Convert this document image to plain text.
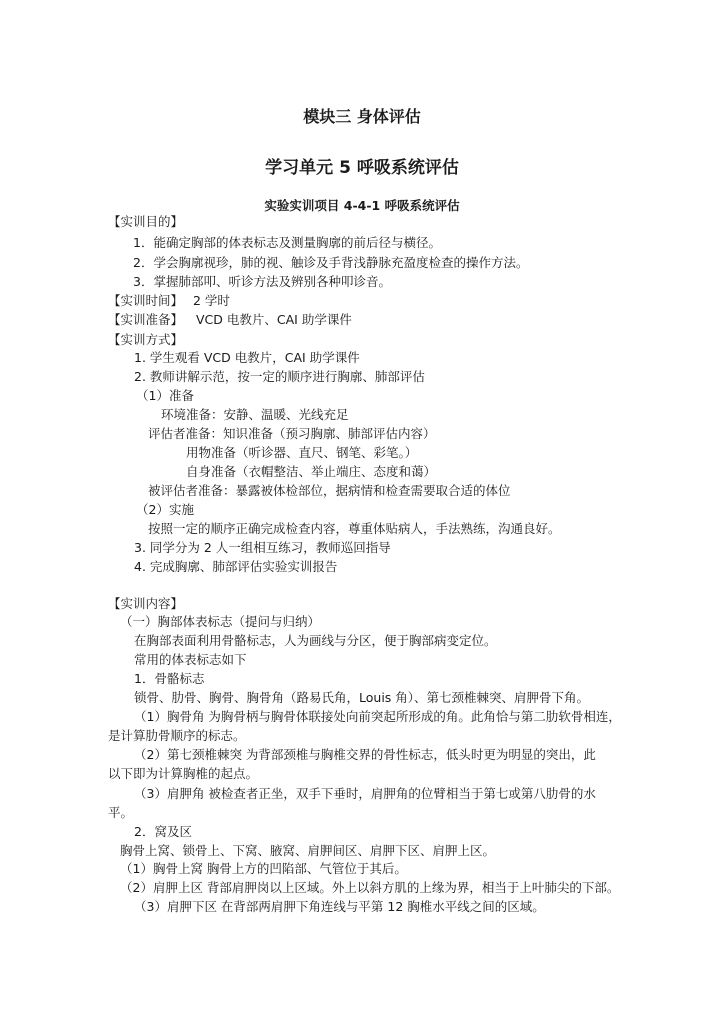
模块三 身体评估
学习单元 5 呼吸系统评估
实验实训项目 4-4-1 呼吸系统评估
【实训目的】
1．能确定胸部的体表标志及测量胸廓的前后径与横径。
2．学会胸廓视珍，肺的视、触诊及手背浅静脉充盈度检查的操作方法。
3．掌握肺部叩、听诊方法及辨别各种叩诊音。
【实训时间】 2 学时
【实训准备】 VCD 电教片、CAI 助学课件
【实训方式】
1. 学生观看 VCD 电教片，CAI 助学课件
2. 教师讲解示范，按一定的顺序进行胸廓、肺部评估
（1）准备
环境准备：安静、温暖、光线充足
评估者准备：知识准备（预习胸廓、肺部评估内容）
用物准备（听诊器、直尺、钢笔、彩笔。）
自身准备（衣帽整洁、举止端庄、态度和蔼）
被评估者准备：暴露被体检部位，据病情和检查需要取合适的体位
（2）实施
按照一定的顺序正确完成检查内容，尊重体贴病人，手法熟练，沟通良好。
3. 同学分为 2 人一组相互练习，教师巡回指导
4. 完成胸廓、肺部评估实验实训报告
【实训内容】
（一）胸部体表标志（提问与归纳）
在胸部表面利用骨骼标志，人为画线与分区，便于胸部病变定位。
常用的体表标志如下
1．骨骼标志
锁骨、肋骨、胸骨、胸骨角（路易氏角，Louis 角）、第七颈椎棘突、肩胛骨下角。
（1）胸骨角 为胸骨柄与胸骨体联接处向前突起所形成的角。此角恰与第二肋软骨相连，
是计算肋骨顺序的标志。
（2）第七颈椎棘突 为背部颈椎与胸椎交界的骨性标志，低头时更为明显的突出，此
以下即为计算胸椎的起点。
（3）肩胛角 被检查者正坐，双手下垂时，肩胛角的位臂相当于第七或第八肋骨的水
平。
2．窝及区
胸骨上窝、锁骨上、下窝、腋窝、肩胛间区、肩胛下区、肩胛上区。
（1）胸骨上窝 胸骨上方的凹陷部、气管位于其后。
（2）肩胛上区 背部肩胛岗以上区域。外上以斜方肌的上缘为界，相当于上叶肺尖的下部。
（3）肩胛下区 在背部两肩胛下角连线与平第 12 胸椎水平线之间的区域。
